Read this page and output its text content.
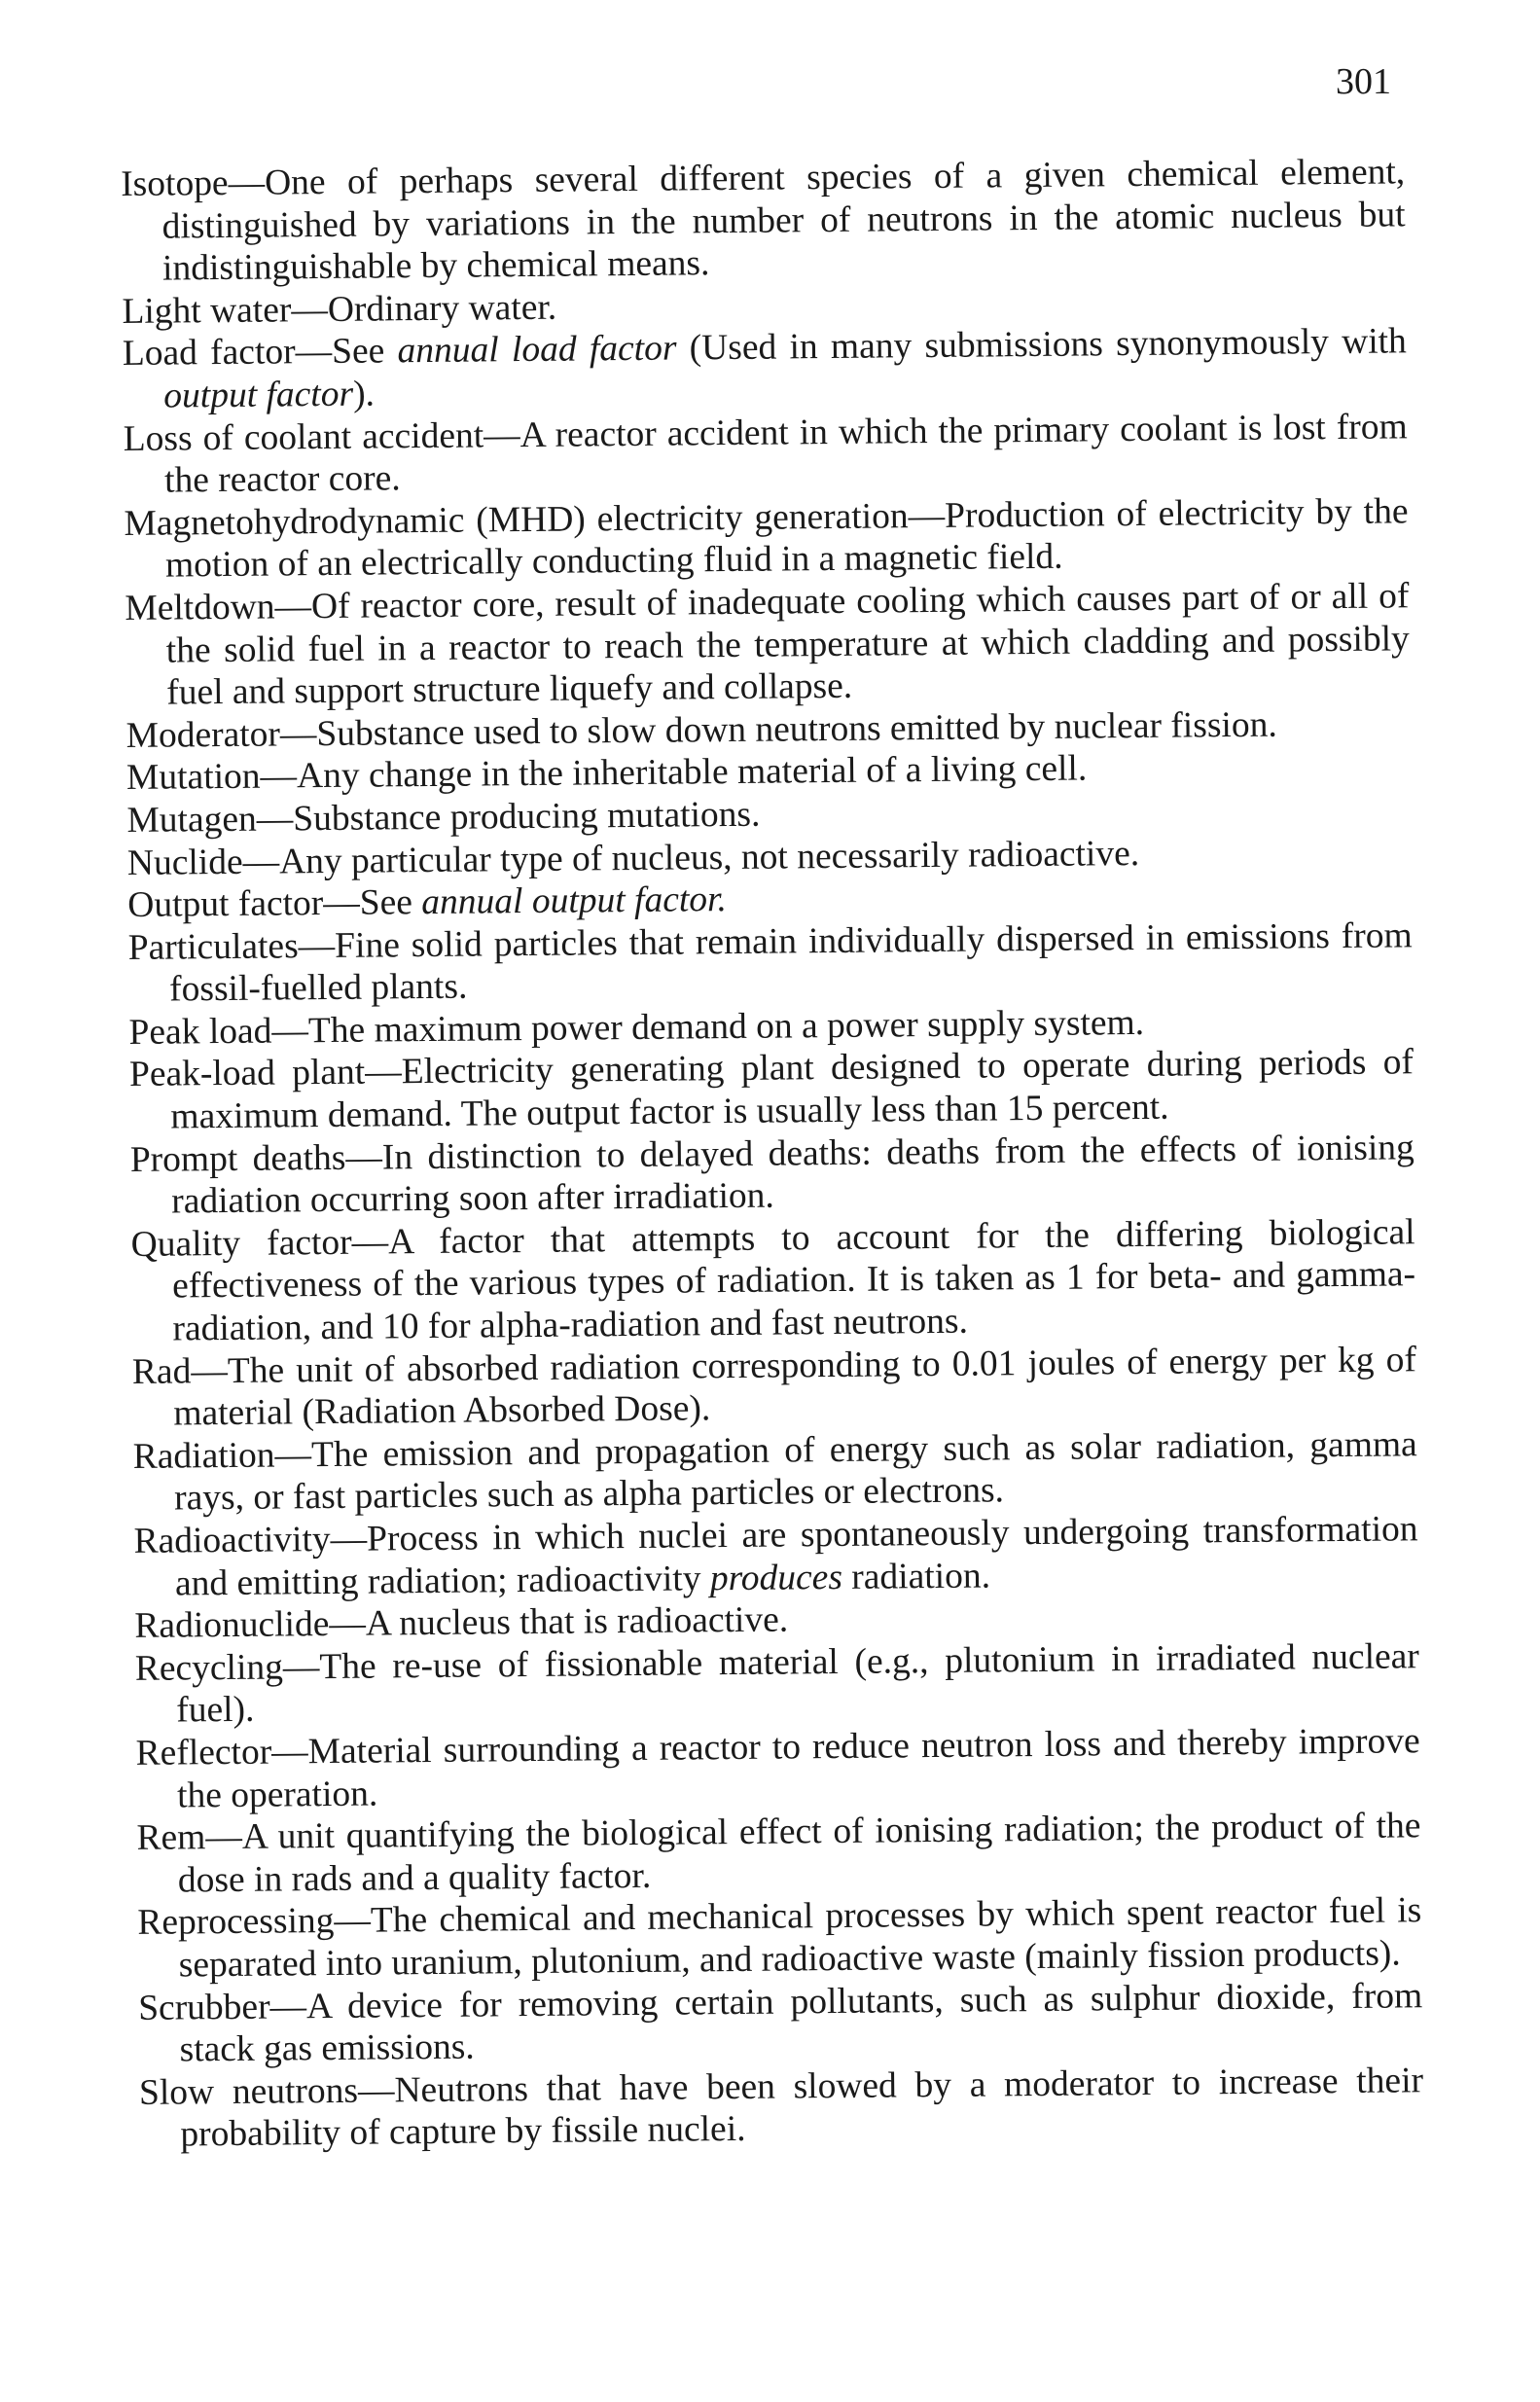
301

Isotope—One of perhaps several different species of a given chemical element, distinguished by variations in the number of neutrons in the atomic nucleus but indistinguishable by chemical means.

Light water—Ordinary water.

Load factor—See annual load factor (Used in many submissions synonymously with output factor).

Loss of coolant accident—A reactor accident in which the primary coolant is lost from the reactor core.

Magnetohydrodynamic (MHD) electricity generation—Production of electricity by the motion of an electrically conducting fluid in a magnetic field.

Meltdown—Of reactor core, result of inadequate cooling which causes part of or all of the solid fuel in a reactor to reach the temperature at which cladding and possibly fuel and support structure liquefy and collapse.

Moderator—Substance used to slow down neutrons emitted by nuclear fission.

Mutation—Any change in the inheritable material of a living cell.

Mutagen—Substance producing mutations.

Nuclide—Any particular type of nucleus, not necessarily radioactive.

Output factor—See annual output factor.

Particulates—Fine solid particles that remain individually dispersed in emissions from fossil-fuelled plants.

Peak load—The maximum power demand on a power supply system.

Peak-load plant—Electricity generating plant designed to operate during periods of maximum demand. The output factor is usually less than 15 percent.

Prompt deaths—In distinction to delayed deaths: deaths from the effects of ionising radiation occurring soon after irradiation.

Quality factor—A factor that attempts to account for the differing biological effectiveness of the various types of radiation. It is taken as 1 for beta- and gamma- radiation, and 10 for alpha-radiation and fast neutrons.

Rad—The unit of absorbed radiation corresponding to 0.01 joules of energy per kg of material (Radiation Absorbed Dose).

Radiation—The emission and propagation of energy such as solar radiation, gamma rays, or fast particles such as alpha particles or electrons.

Radioactivity—Process in which nuclei are spontaneously undergoing transformation and emitting radiation; radioactivity produces radiation.

Radionuclide—A nucleus that is radioactive.

Recycling—The re-use of fissionable material (e.g., plutonium in irradiated nuclear fuel).

Reflector—Material surrounding a reactor to reduce neutron loss and thereby improve the operation.

Rem—A unit quantifying the biological effect of ionising radiation; the product of the dose in rads and a quality factor.

Reprocessing—The chemical and mechanical processes by which spent reactor fuel is separated into uranium, plutonium, and radioactive waste (mainly fission products).

Scrubber—A device for removing certain pollutants, such as sulphur dioxide, from stack gas emissions.

Slow neutrons—Neutrons that have been slowed by a moderator to increase their probability of capture by fissile nuclei.
